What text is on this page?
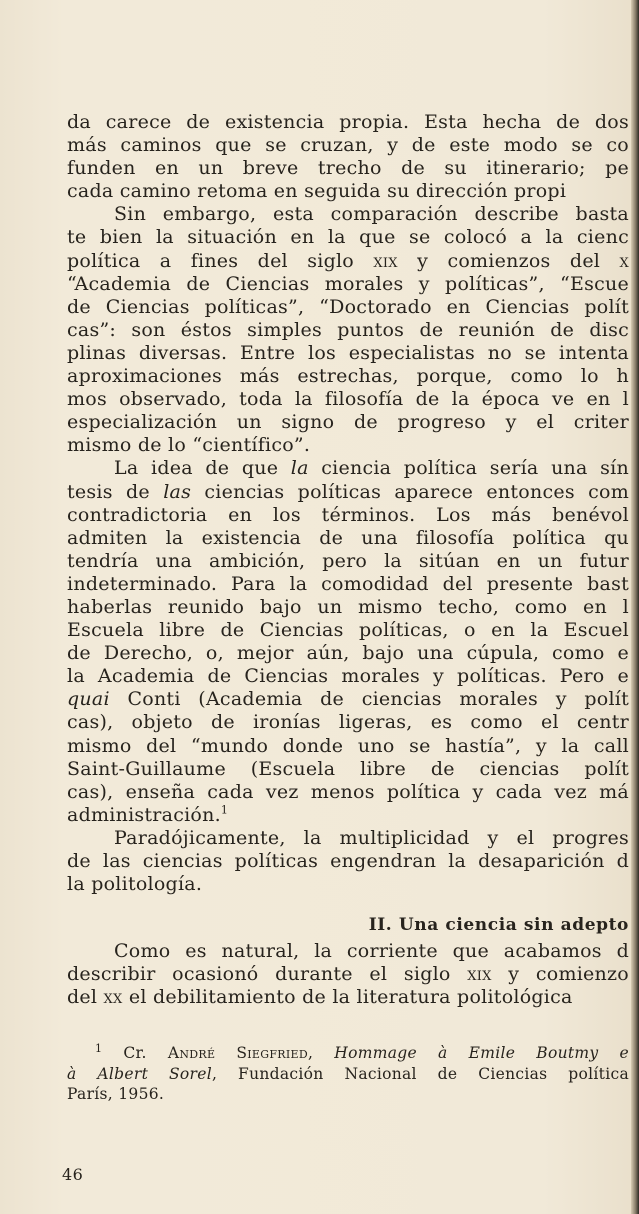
da carece de existencia propia. Esta hecha de dos
más caminos que se cruzan, y de este modo se co
funden en un breve trecho de su itinerario; pe
cada camino retoma en seguida su dirección propi
Sin embargo, esta comparación describe basta
te bien la situación en la que se colocó a la cienc
política a fines del siglo xix y comienzos del x
“Academia de Ciencias morales y políticas”, “Escue
de Ciencias políticas”, “Doctorado en Ciencias polít
cas”: son éstos simples puntos de reunión de disc
plinas diversas. Entre los especialistas no se intenta
aproximaciones más estrechas, porque, como lo h
mos observado, toda la filosofía de la época ve en l
especialización un signo de progreso y el criter
mismo de lo “científico”.
La idea de que la ciencia política sería una sín
tesis de las ciencias políticas aparece entonces com
contradictoria en los términos. Los más benévol
admiten la existencia de una filosofía política qu
tendría una ambición, pero la sitúan en un futur
indeterminado. Para la comodidad del presente bast
haberlas reunido bajo un mismo techo, como en l
Escuela libre de Ciencias políticas, o en la Escuel
de Derecho, o, mejor aún, bajo una cúpula, como e
la Academia de Ciencias morales y políticas. Pero e
quai Conti (Academia de ciencias morales y polít
cas), objeto de ironías ligeras, es como el centr
mismo del “mundo donde uno se hastía”, y la call
Saint-Guillaume (Escuela libre de ciencias polít
cas), enseña cada vez menos política y cada vez má
administración.$^1$
Paradójicamente, la multiplicidad y el progres
de las ciencias políticas engendran la desaparición d
la politología.
II. Una ciencia sin adepto
Como es natural, la corriente que acabamos d
describir ocasionó durante el siglo xix y comienzo
del xx el debilitamiento de la literatura politológica
$^1$ Cr. André Siegfried, Hommage à Emile Boutmy e
à Albert Sorel, Fundación Nacional de Ciencias política
París, 1956.
46
